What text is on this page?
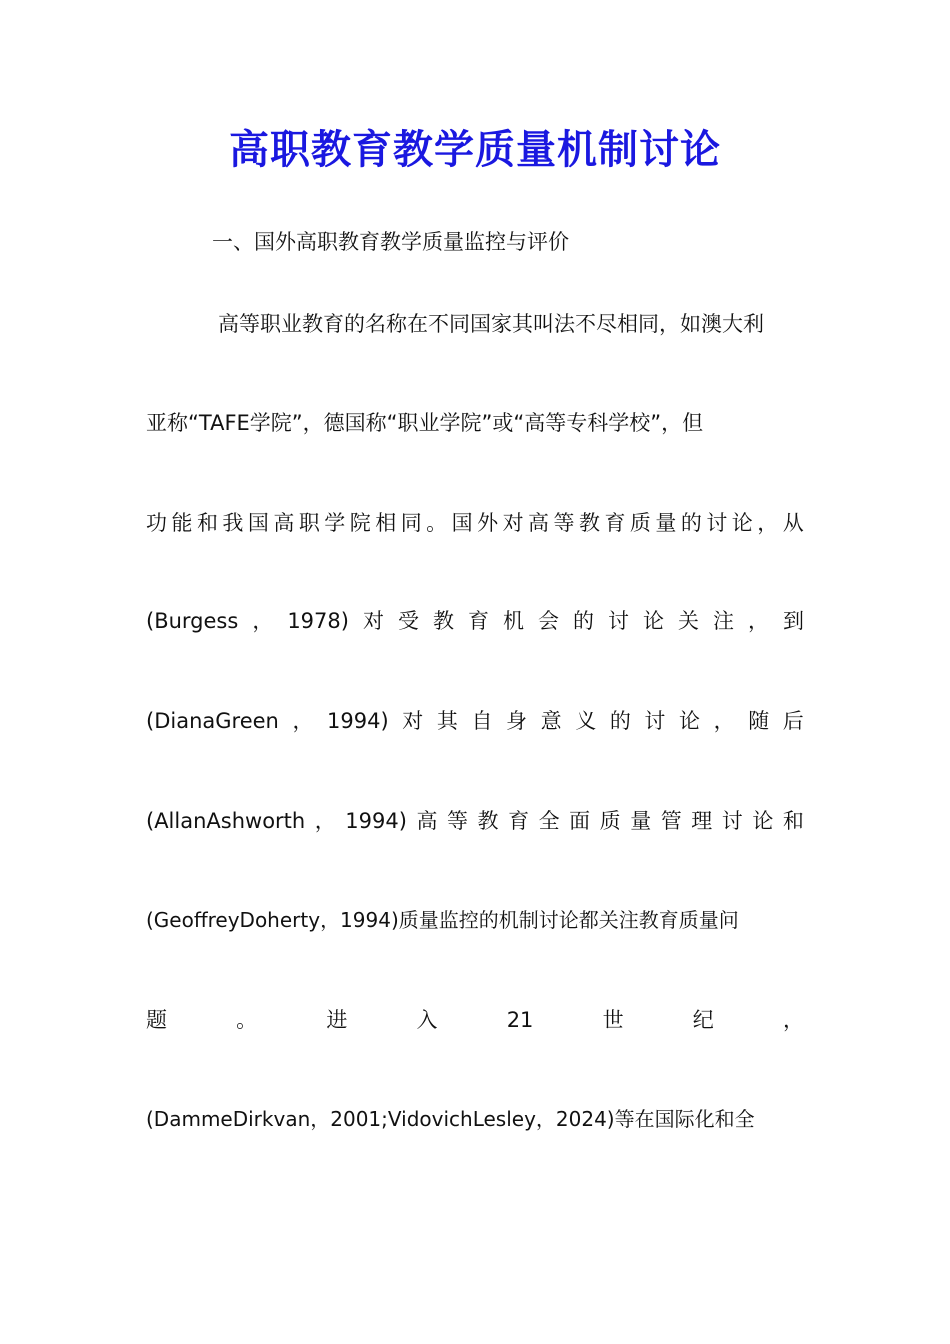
高职教育教学质量机制讨论

一、国外高职教育教学质量监控与评价

高等职业教育的名称在不同国家其叫法不尽相同，如澳大利

亚称“TAFE学院”，德国称“职业学院”或“高等专科学校”，但

功 能 和 我 国 高 职 学 院 相 同 。 国 外 对 高 等 教 育 质 量 的 讨 论 ， 从

(Burgess ， 1978) 对 受 教 育 机 会 的 讨 论 关 注 ， 到

(DianaGreen ， 1994) 对 其 自 身 意 义 的 讨 论 ， 随 后

(AllanAshworth ， 1994) 高 等 教 育 全 面 质 量 管 理 讨 论 和

(GeoffreyDoherty，1994)质量监控的机制讨论都关注教育质量问

题	。	进	入	21	世	纪	，

(DammeDirkvan，2001;VidovichLesley，2024)等在国际化和全
